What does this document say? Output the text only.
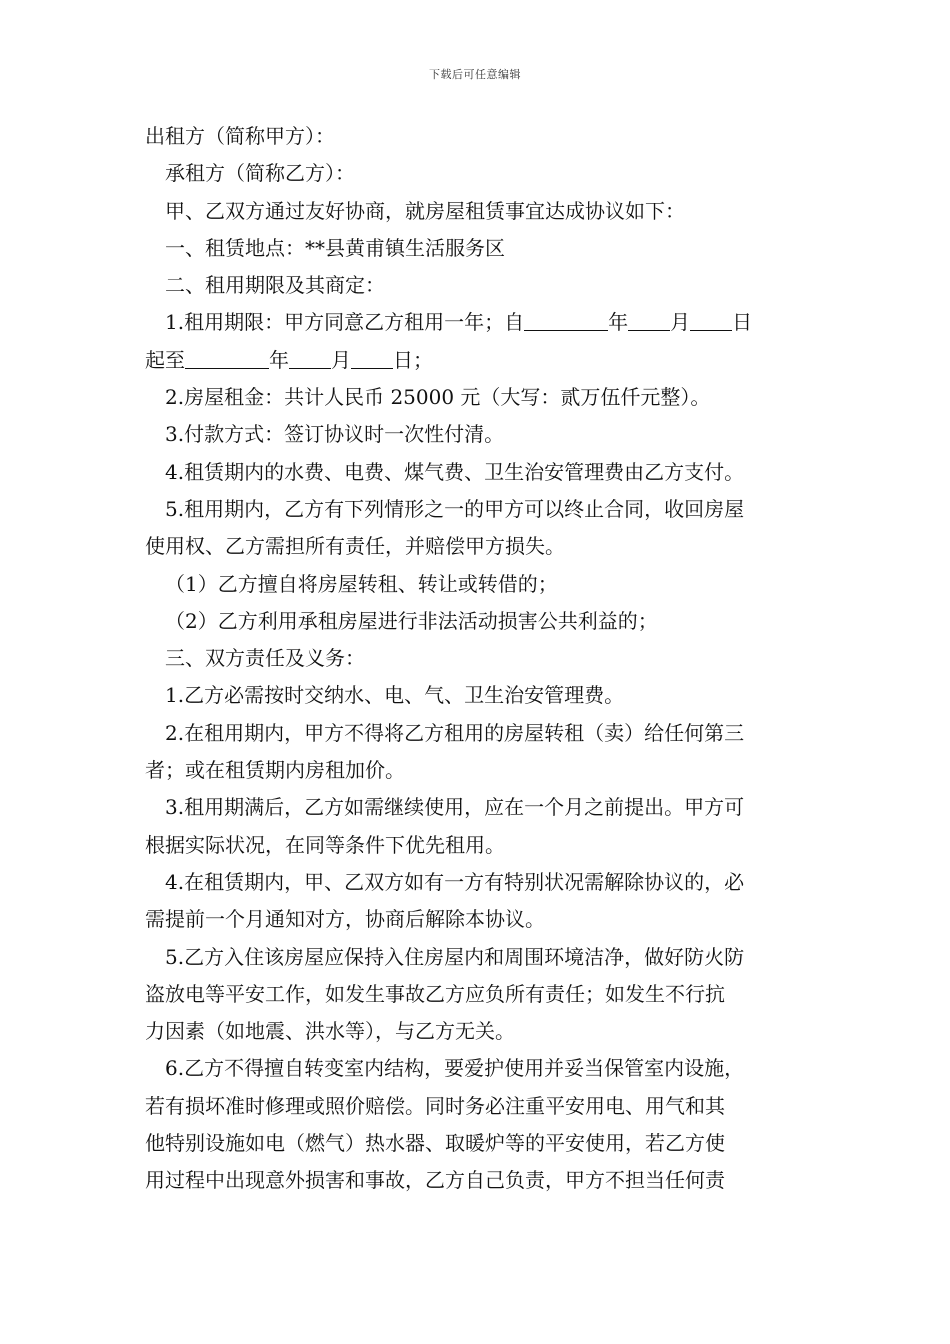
下载后可任意编辑

出租方（简称甲方）：

承租方（简称乙方）：

甲、乙双方通过友好协商，就房屋租赁事宜达成协议如下：

一、租赁地点：**县黄甫镇生活服务区

二、租用期限及其商定：

1.租用期限：甲方同意乙方租用一年；自	年 月 日

起至	年 月 日；

2.房屋租金：共计人民币 25000 元（大写：贰万伍仟元整）。

3.付款方式：签订协议时一次性付清。

4.租赁期内的水费、电费、煤气费、卫生治安管理费由乙方支付。

5.租用期内，乙方有下列情形之一的甲方可以终止合同，收回房屋

使用权、乙方需担所有责任，并赔偿甲方损失。

（1）乙方擅自将房屋转租、转让或转借的；

（2）乙方利用承租房屋进行非法活动损害公共利益的；

三、双方责任及义务：

1.乙方必需按时交纳水、电、气、卫生治安管理费。

2.在租用期内，甲方不得将乙方租用的房屋转租（卖）给任何第三

者；或在租赁期内房租加价。

3.租用期满后，乙方如需继续使用，应在一个月之前提出。甲方可

根据实际状况，在同等条件下优先租用。

4.在租赁期内，甲、乙双方如有一方有特别状况需解除协议的，必

需提前一个月通知对方，协商后解除本协议。

5.乙方入住该房屋应保持入住房屋内和周围环境洁净，做好防火防

盗放电等平安工作，如发生事故乙方应负所有责任；如发生不行抗

力因素（如地震、洪水等），与乙方无关。

6.乙方不得擅自转变室内结构，要爱护使用并妥当保管室内设施，

若有损坏准时修理或照价赔偿。同时务必注重平安用电、用气和其

他特别设施如电（燃气）热水器、取暖炉等的平安使用，若乙方使

用过程中出现意外损害和事故，乙方自己负责，甲方不担当任何责
